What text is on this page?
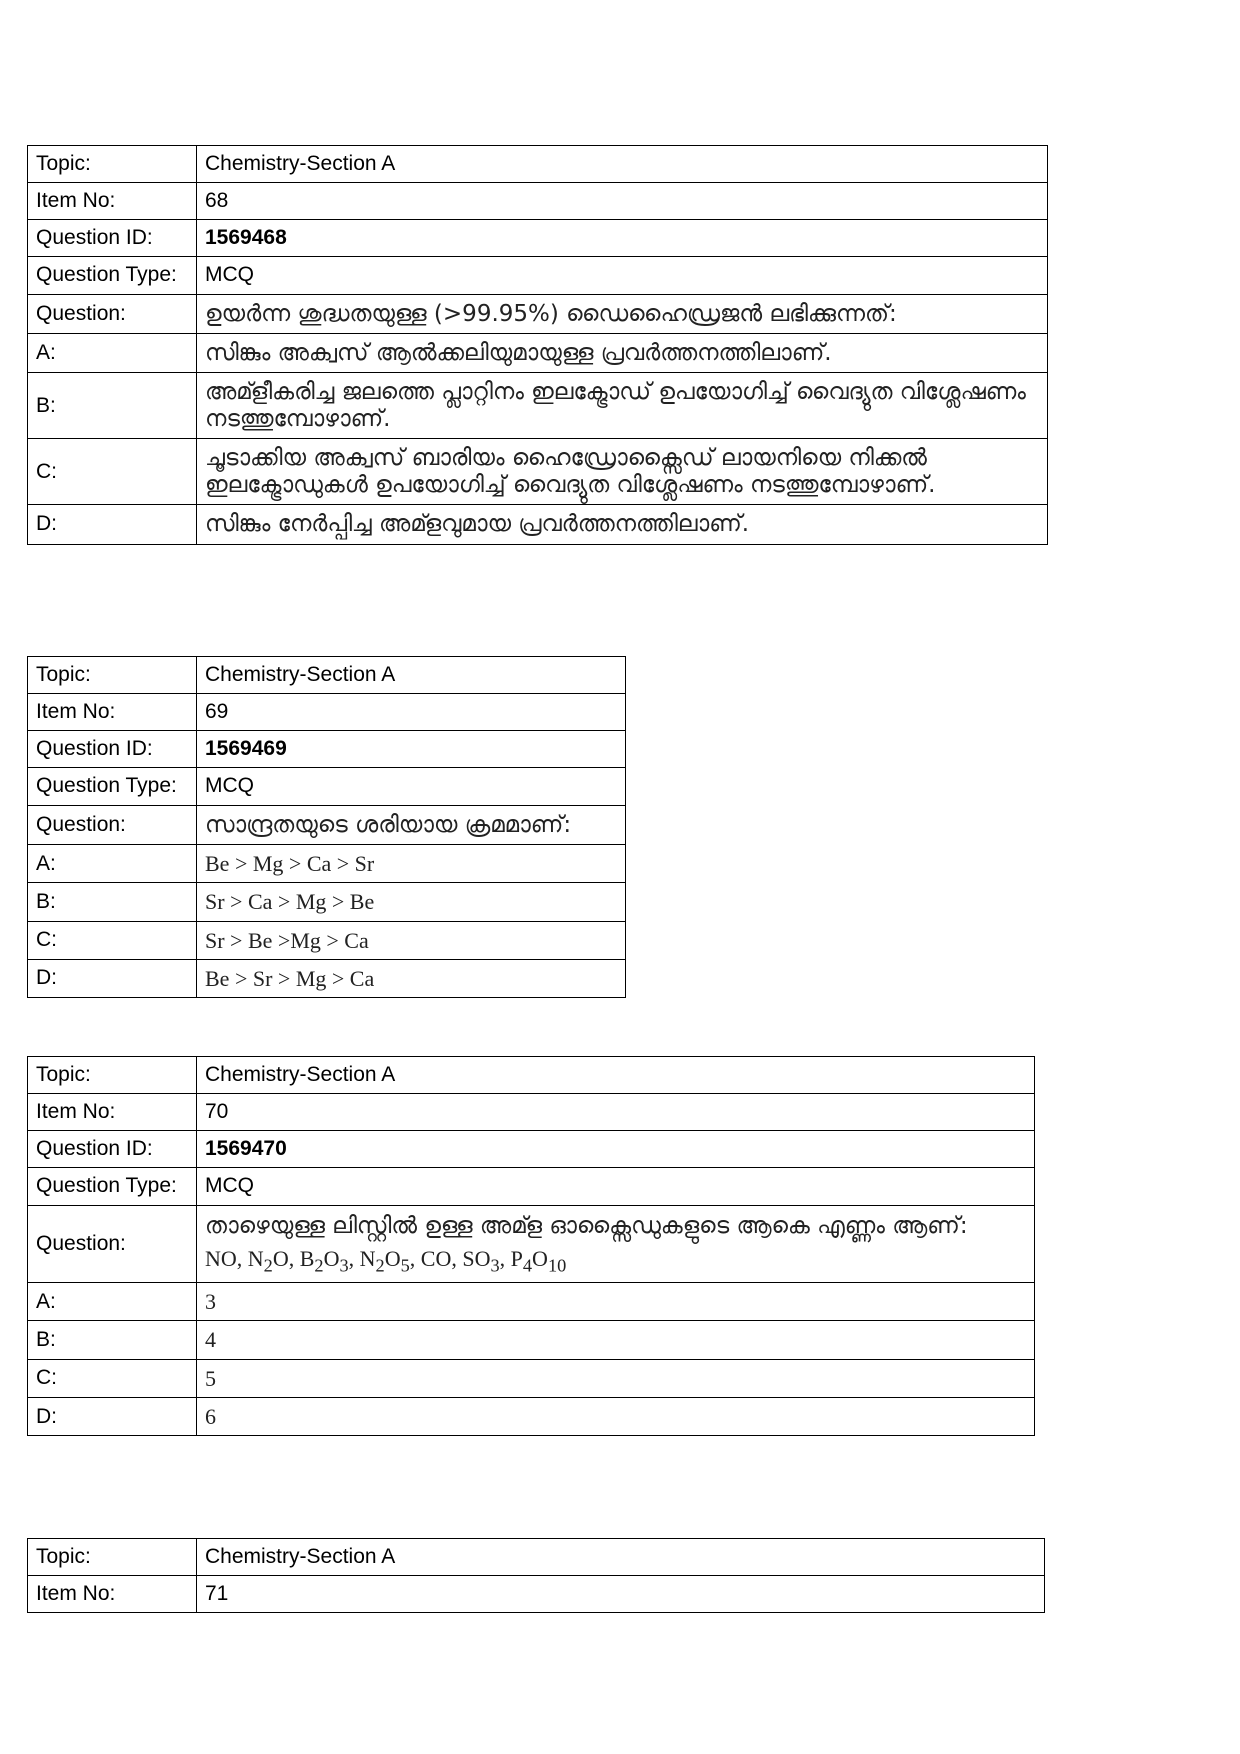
Topic:	Chemistry-Section A
Item No:	68
Question ID:	1569468
Question Type:	MCQ
Question:	ഉയർന്ന ശുദ്ധതയുള്ള (>99.95%) ഡൈഹൈഡ്രജൻ ലഭിക്കുന്നത്:
A:	സിങ്കും അക്വസ് ആൽക്കലിയുമായുള്ള പ്രവർത്തനത്തിലാണ്.
B:	അമ്ളീകരിച്ച ജലത്തെ പ്ലാറ്റിനം ഇലക്ട്രോഡ് ഉപയോഗിച്ച് വൈദ്യുത വിശ്ലേഷണം നടത്തുമ്പോഴാണ്.
C:	ചൂടാക്കിയ അക്വസ് ബാരിയം ഹൈഡ്രോക്സൈഡ് ലായനിയെ നിക്കൽ ഇലക്ട്രോഡുകൾ ഉപയോഗിച്ച് വൈദ്യുത വിശ്ലേഷണം നടത്തുമ്പോഴാണ്.
D:	സിങ്കും നേർപ്പിച്ച അമ്ളവുമായ പ്രവർത്തനത്തിലാണ്.
Topic:	Chemistry-Section A
Item No:	69
Question ID:	1569469
Question Type:	MCQ
Question:	സാന്ദ്രതയുടെ ശരിയായ ക്രമമാണ്:
A:	Be > Mg > Ca > Sr
B:	Sr > Ca > Mg > Be
C:	Sr > Be >Mg > Ca
D:	Be > Sr > Mg > Ca
Topic:	Chemistry-Section A
Item No:	70
Question ID:	1569470
Question Type:	MCQ
Question:	താഴെയുള്ള ലിസ്റ്റിൽ ഉള്ള അമ്ള ഓക്സൈഡുകളുടെ ആകെ എണ്ണം ആണ്:
NO, $N_2O$, $B_2O_3$, $N_2O_5$, CO, $SO_3$, $P_4O_{10}$

A:	3
B:	4
C:	5
D:	6
Topic:	Chemistry-Section A
Item No:	71
